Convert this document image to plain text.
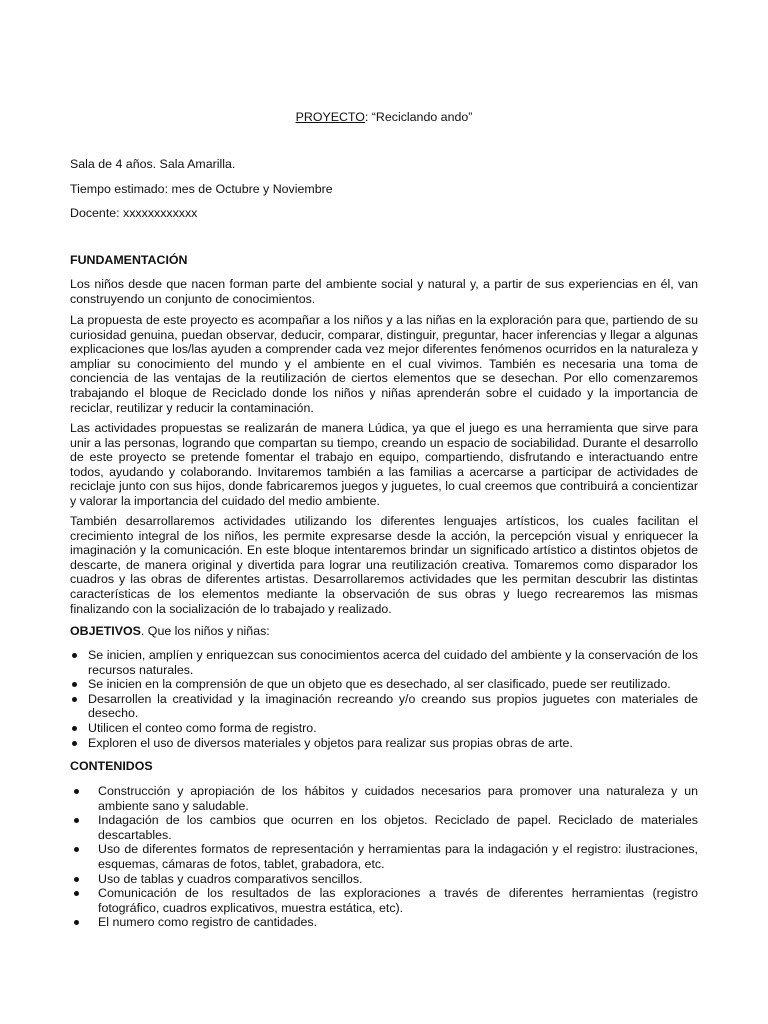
PROYECTO: “Reciclando ando”
Sala de 4 años. Sala Amarilla.
Tiempo estimado: mes de Octubre y Noviembre
Docente: xxxxxxxxxxxx
FUNDAMENTACIÓN
Los niños desde que nacen forman parte del ambiente social y natural y, a partir de sus experiencias en él, van construyendo un conjunto de conocimientos.
La propuesta de este proyecto es acompañar a los niños y a las niñas en la exploración para que, partiendo de su curiosidad genuina, puedan observar, deducir, comparar, distinguir, preguntar, hacer inferencias y llegar a algunas explicaciones que los/las ayuden a comprender cada vez mejor diferentes fenómenos ocurridos en la naturaleza y ampliar su conocimiento del mundo y el ambiente en el cual vivimos. También es necesaria una toma de conciencia de las ventajas de la reutilización de ciertos elementos que se desechan. Por ello comenzaremos trabajando el bloque de Reciclado donde los niños y niñas aprenderán sobre el cuidado y la importancia de reciclar, reutilizar y reducir la contaminación.
Las actividades propuestas se realizarán de manera Lúdica, ya que el juego es una herramienta que sirve para unir a las personas, logrando que compartan su tiempo, creando un espacio de sociabilidad. Durante el desarrollo de este proyecto se pretende fomentar el trabajo en equipo, compartiendo, disfrutando e interactuando entre todos, ayudando y colaborando. Invitaremos también a las familias a acercarse a participar de actividades de reciclaje junto con sus hijos, donde fabricaremos juegos y juguetes, lo cual creemos que contribuirá a concientizar y valorar la importancia del cuidado del medio ambiente.
También desarrollaremos actividades utilizando los diferentes lenguajes artísticos, los cuales facilitan el crecimiento integral de los niños, les permite expresarse desde la acción, la percepción visual y enriquecer la imaginación y la comunicación. En este bloque intentaremos brindar un significado artístico a distintos objetos de descarte, de manera original y divertida para lograr una reutilización creativa. Tomaremos como disparador los cuadros y las obras de diferentes artistas. Desarrollaremos actividades que les permitan descubrir las distintas características de los elementos mediante la observación de sus obras y luego recrearemos las mismas finalizando con la socialización de lo trabajado y realizado.
OBJETIVOS. Que los niños y niñas:
Se inicien, amplíen y enriquezcan sus conocimientos acerca del cuidado del ambiente y la conservación de los recursos naturales.
Se inicien en la comprensión de que un objeto que es desechado, al ser clasificado, puede ser reutilizado.
Desarrollen la creatividad y la imaginación recreando y/o creando sus propios juguetes con materiales de desecho.
Utilicen el conteo como forma de registro.
Exploren el uso de diversos materiales y objetos para realizar sus propias obras de arte.
CONTENIDOS
Construcción y apropiación de los hábitos y cuidados necesarios para promover una naturaleza y un ambiente sano y saludable.
Indagación de los cambios que ocurren en los objetos. Reciclado de papel. Reciclado de materiales descartables.
Uso de diferentes formatos de representación y herramientas para la indagación y el registro: ilustraciones, esquemas, cámaras de fotos, tablet, grabadora, etc.
Uso de tablas y cuadros comparativos sencillos.
Comunicación de los resultados de las exploraciones a través de diferentes herramientas (registro fotográfico, cuadros explicativos, muestra estática, etc).
El numero como registro de cantidades.
